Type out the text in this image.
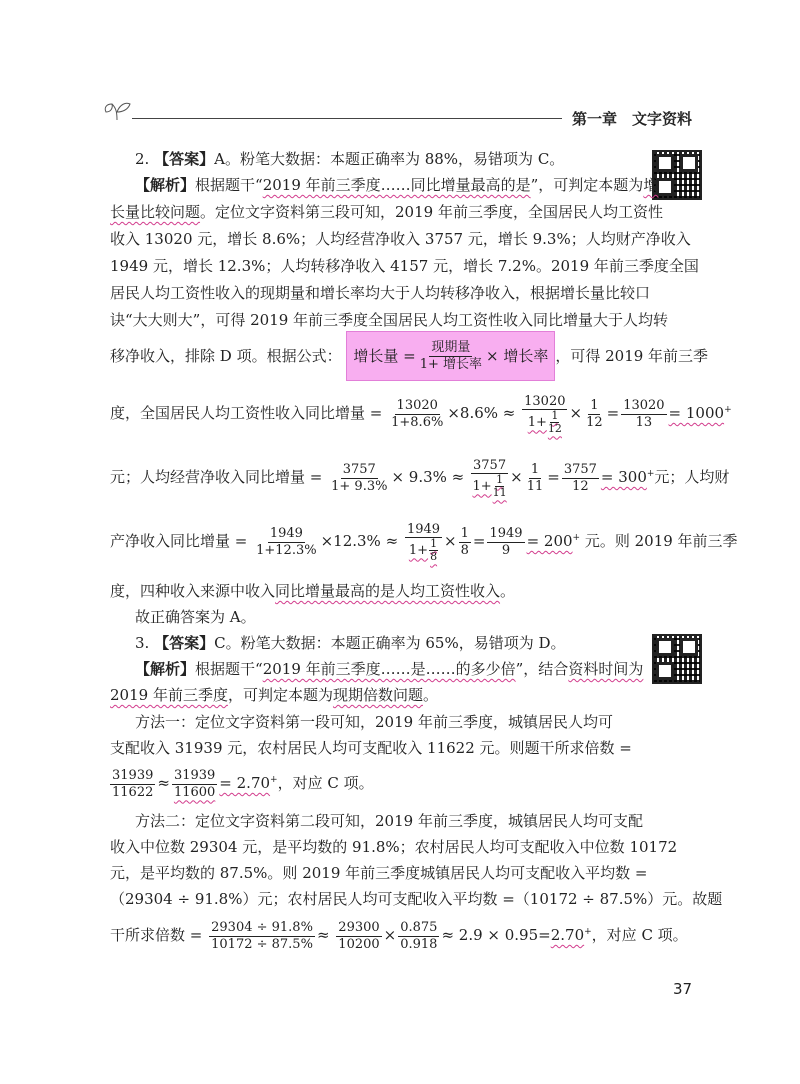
第一章　文字资料
2. 【答案】A。粉笔大数据：本题正确率为 88%，易错项为 C。
【解析】根据题干“2019 年前三季度……同比增量最高的是”，可判定本题为增
长量比较问题。定位文字资料第三段可知，2019 年前三季度，全国居民人均工资性
收入 13020 元，增长 8.6%；人均经营净收入 3757 元，增长 9.3%；人均财产净收入
1949 元，增长 12.3%；人均转移净收入 4157 元，增长 7.2%。2019 年前三季度全国
居民人均工资性收入的现期量和增长率均大于人均转移净收入，根据增长量比较口
诀“大大则大”，可得 2019 年前三季度全国居民人均工资性收入同比增量大于人均转
移净收入，排除 D 项。根据公式： 增长量 = $\frac{\text{现期量}}{\text{1+ 增长率}}$ × 增长率 ，可得 2019 年前三季
度，全国居民人均工资性收入同比增量 = $\frac{13020}{1+8.6\%} \times 8.6\% \approx \frac{13020}{1+ \frac{1}{12}} \times \frac{1}{12} = \frac{13020}{13} = 1000^+$
元；人均经营净收入同比增量 = $\frac{3757}{1+ 9.3\%} \times 9.3\% \approx \frac{3757}{1+ \frac{1}{11}} \times \frac{1}{11} = \frac{3757}{12} = 300^+$元；人均财
产净收入同比增量 = $\frac{1949}{1+12.3\%} \times 12.3\% \approx \frac{1949}{1+ \frac{1}{8}} \times \frac{1}{8} = \frac{1949}{9} = 200^+$ 元。则 2019 年前三季
度，四种收入来源中收入同比增量最高的是人均工资性收入。
故正确答案为 A。
3. 【答案】C。粉笔大数据：本题正确率为 65%，易错项为 D。
【解析】根据题干“2019 年前三季度……是……的多少倍”，结合资料时间为
2019 年前三季度，可判定本题为现期倍数问题。
方法一：定位文字资料第一段可知，2019 年前三季度，城镇居民人均可
支配收入 31939 元，农村居民人均可支配收入 11622 元。则题干所求倍数 =
$\frac{31939}{11622} \approx \frac{31939}{11600} = 2.70^+$，对应 C 项。
方法二：定位文字资料第二段可知，2019 年前三季度，城镇居民人均可支配
收入中位数 29304 元，是平均数的 91.8%；农村居民人均可支配收入中位数 10172
元，是平均数的 87.5%。则 2019 年前三季度城镇居民人均可支配收入平均数 =
（29304 ÷ 91.8%）元；农村居民人均可支配收入平均数 =（10172 ÷ 87.5%）元。故题
干所求倍数 = $\frac{29304 \div 91.8\%}{10172 \div 87.5\%} \approx \frac{29300}{10200} \times \frac{0.875}{0.918} \approx 2.9 \times 0.95=2.70^+$，对应 C 项。
37
